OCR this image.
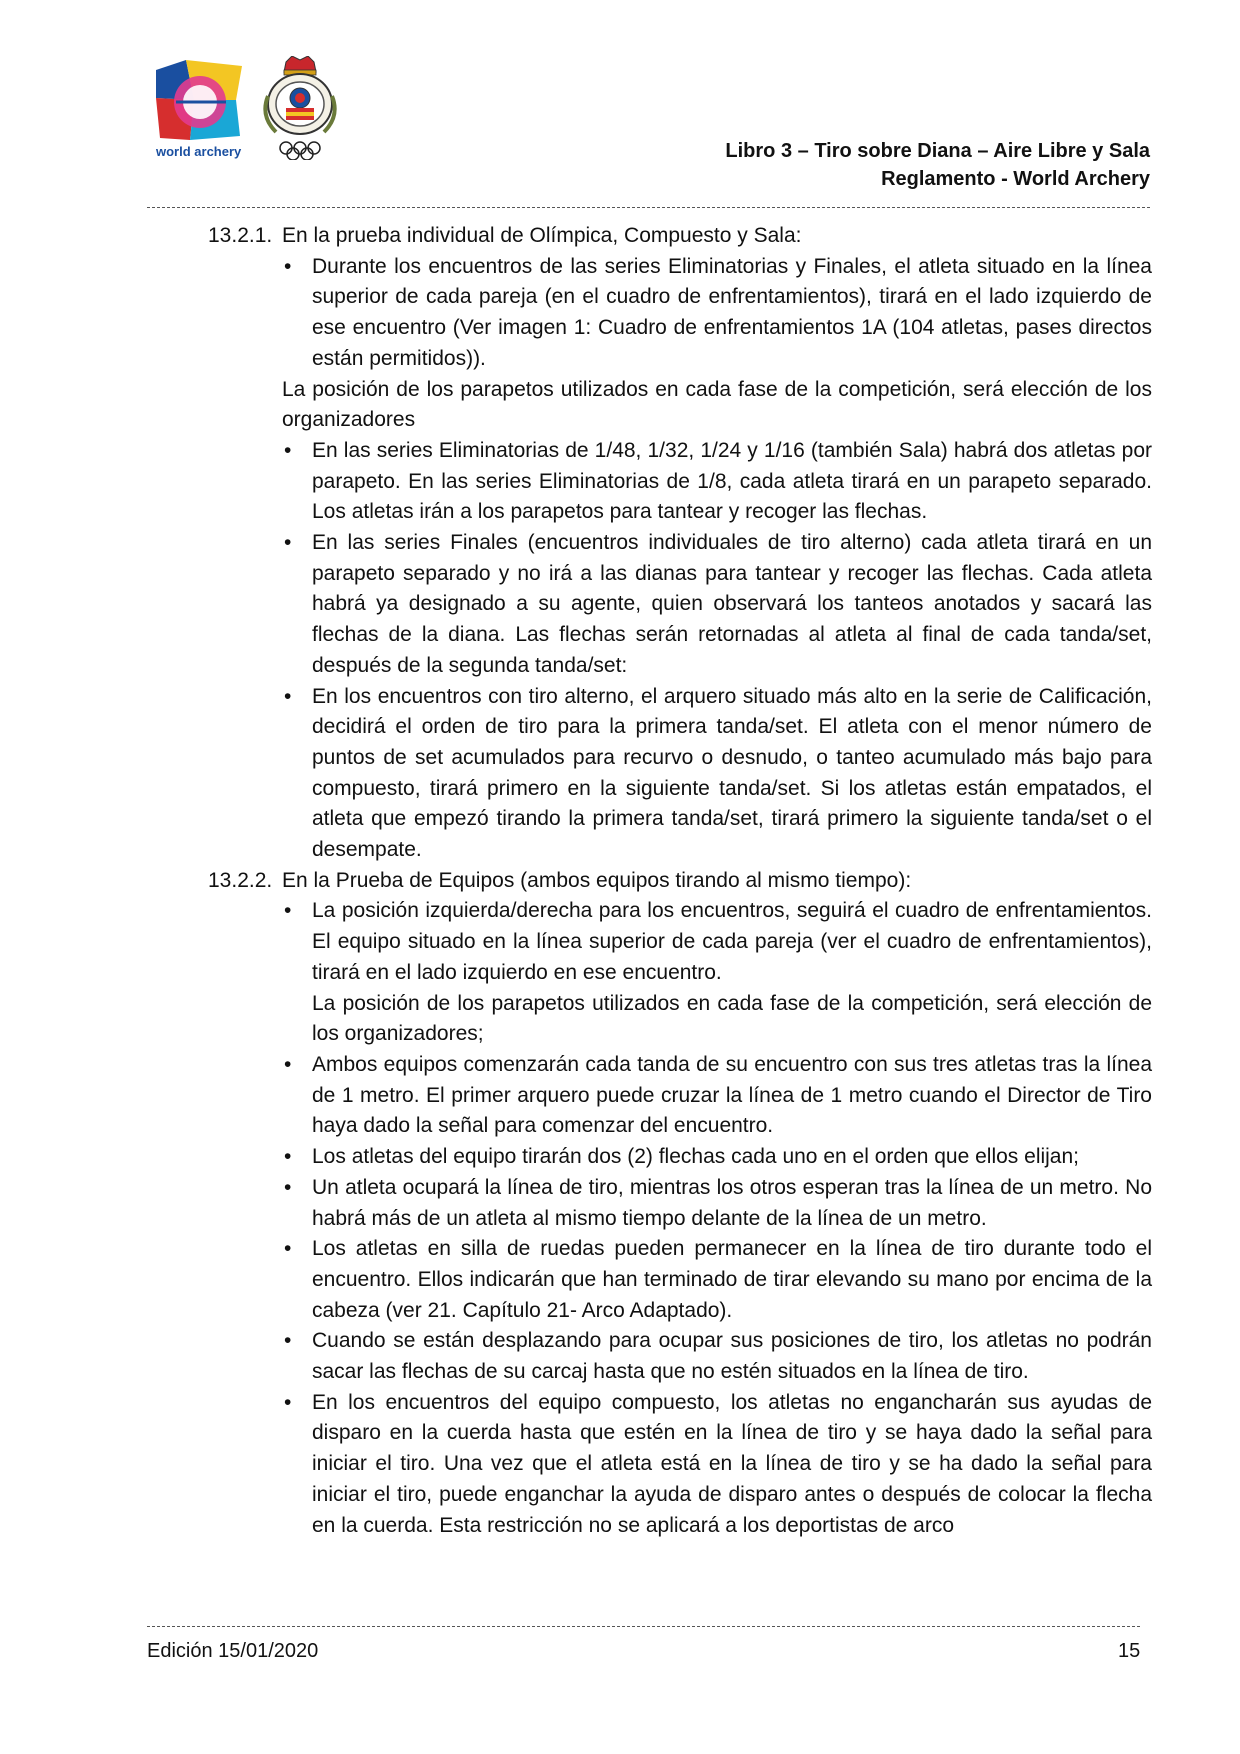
world archery	Libro 3 – Tiro sobre Diana – Aire Libre y Sala
Reglamento - World Archery
13.2.1. En la prueba individual de Olímpica, Compuesto y Sala:
• Durante los encuentros de las series Eliminatorias y Finales, el atleta situado en la línea superior de cada pareja (en el cuadro de enfrentamientos), tirará en el lado izquierdo de ese encuentro (Ver imagen 1: Cuadro de enfrentamientos 1A (104 atletas, pases directos están permitidos)).

La posición de los parapetos utilizados en cada fase de la competición, será elección de los organizadores

• En las series Eliminatorias de 1/48, 1/32, 1/24 y 1/16 (también Sala) habrá dos atletas por parapeto. En las series Eliminatorias de 1/8, cada atleta tirará en un parapeto separado. Los atletas irán a los parapetos para tantear y recoger las flechas.
• En las series Finales (encuentros individuales de tiro alterno) cada atleta tirará en un parapeto separado y no irá a las dianas para tantear y recoger las flechas. Cada atleta habrá ya designado a su agente, quien observará los tanteos anotados y sacará las flechas de la diana. Las flechas serán retornadas al atleta al final de cada tanda/set, después de la segunda tanda/set:
• En los encuentros con tiro alterno, el arquero situado más alto en la serie de Calificación, decidirá el orden de tiro para la primera tanda/set. El atleta con el menor número de puntos de set acumulados para recurvo o desnudo, o tanteo acumulado más bajo para compuesto, tirará primero en la siguiente tanda/set. Si los atletas están empatados, el atleta que empezó tirando la primera tanda/set, tirará primero la siguiente tanda/set o el desempate.
13.2.2. En la Prueba de Equipos (ambos equipos tirando al mismo tiempo):
• La posición izquierda/derecha para los encuentros, seguirá el cuadro de enfrentamientos. El equipo situado en la línea superior de cada pareja (ver el cuadro de enfrentamientos), tirará en el lado izquierdo en ese encuentro.

La posición de los parapetos utilizados en cada fase de la competición, será elección de los organizadores;

• Ambos equipos comenzarán cada tanda de su encuentro con sus tres atletas tras la línea de 1 metro. El primer arquero puede cruzar la línea de 1 metro cuando el Director de Tiro haya dado la señal para comenzar del encuentro.
• Los atletas del equipo tirarán dos (2) flechas cada uno en el orden que ellos elijan;
• Un atleta ocupará la línea de tiro, mientras los otros esperan tras la línea de un metro. No habrá más de un atleta al mismo tiempo delante de la línea de un metro.
• Los atletas en silla de ruedas pueden permanecer en la línea de tiro durante todo el encuentro. Ellos indicarán que han terminado de tirar elevando su mano por encima de la cabeza (ver 21. Capítulo 21- Arco Adaptado).
• Cuando se están desplazando para ocupar sus posiciones de tiro, los atletas no podrán sacar las flechas de su carcaj hasta que no estén situados en la línea de tiro.
• En los encuentros del equipo compuesto, los atletas no engancharán sus ayudas de disparo en la cuerda hasta que estén en la línea de tiro y se haya dado la señal para iniciar el tiro. Una vez que el atleta está en la línea de tiro y se ha dado la señal para iniciar el tiro, puede enganchar la ayuda de disparo antes o después de colocar la flecha en la cuerda. Esta restricción no se aplicará a los deportistas de arco
Edición 15/01/2020	15
